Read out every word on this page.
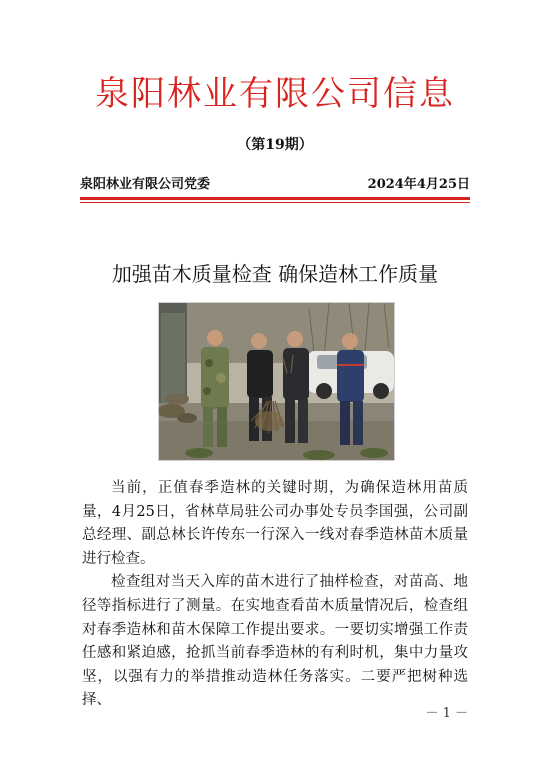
泉阳林业有限公司信息
（第19期）
泉阳林业有限公司党委	2024年4月25日
加强苗木质量检查 确保造林工作质量

当前，正值春季造林的关键时期，为确保造林用苗质量，4月25日，省林草局驻公司办事处专员李国强，公司副总经理、副总林长许传东一行深入一线对春季造林苗木质量进行检查。

检查组对当天入库的苗木进行了抽样检查，对苗高、地径等指标进行了测量。在实地查看苗木质量情况后，检查组对春季造林和苗木保障工作提出要求。一要切实增强工作责任感和紧迫感，抢抓当前春季造林的有利时机，集中力量攻坚，以强有力的举措推动造林任务落实。二要严把树种选择、

－ 1 －
